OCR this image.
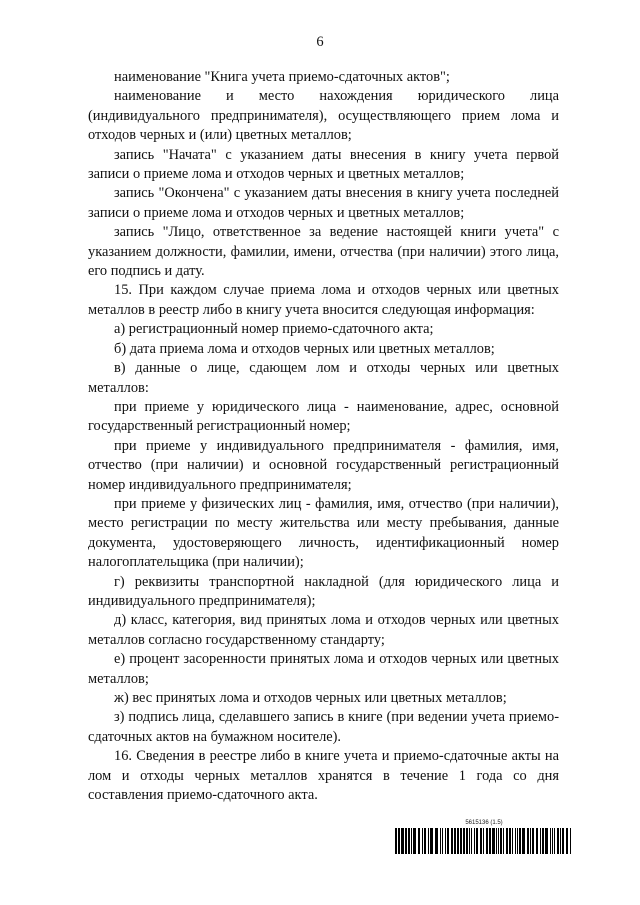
6

наименование "Книга учета приемо-сдаточных актов";

наименование и место нахождения юридического лица (индивидуального предпринимателя), осуществляющего прием лома и отходов черных и (или) цветных металлов;

запись "Начата" с указанием даты внесения в книгу учета первой записи о приеме лома и отходов черных и цветных металлов;

запись "Окончена" с указанием даты внесения в книгу учета последней записи о приеме лома и отходов черных и цветных металлов;

запись "Лицо, ответственное за ведение настоящей книги учета" с указанием должности, фамилии, имени, отчества (при наличии) этого лица, его подпись и дату.

15. При каждом случае приема лома и отходов черных или цветных металлов в реестр либо в книгу учета вносится следующая информация:

а) регистрационный номер приемо-сдаточного акта;

б) дата приема лома и отходов черных или цветных металлов;

в) данные о лице, сдающем лом и отходы черных или цветных металлов:

при приеме у юридического лица - наименование, адрес, основной государственный регистрационный номер;

при приеме у индивидуального предпринимателя - фамилия, имя, отчество (при наличии) и основной государственный регистрационный номер индивидуального предпринимателя;

при приеме у физических лиц - фамилия, имя, отчество (при наличии), место регистрации по месту жительства или месту пребывания, данные документа, удостоверяющего личность, идентификационный номер налогоплательщика (при наличии);

г) реквизиты транспортной накладной (для юридического лица и индивидуального предпринимателя);

д) класс, категория, вид принятых лома и отходов черных или цветных металлов согласно государственному стандарту;

е) процент засоренности принятых лома и отходов черных или цветных металлов;

ж) вес принятых лома и отходов черных или цветных металлов;

з) подпись лица, сделавшего запись в книге (при ведении учета приемо-сдаточных актов на бумажном носителе).

16. Сведения в реестре либо в книге учета и приемо-сдаточные акты на лом и отходы черных металлов хранятся в течение 1 года со дня составления приемо-сдаточного акта.

5615136 (1.5)
